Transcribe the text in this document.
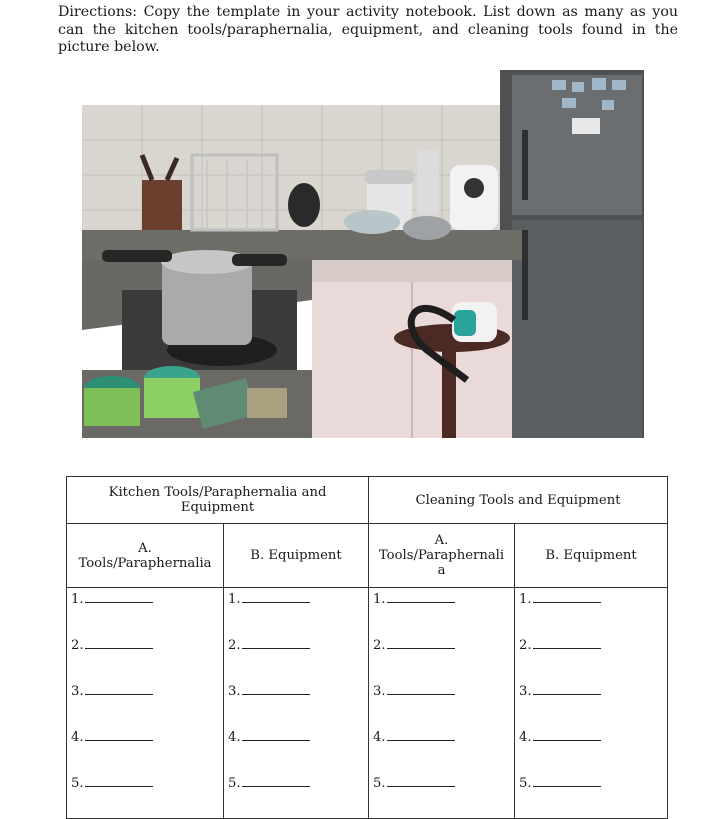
Directions: Copy the template in your activity notebook. List down as many as you can the kitchen tools/paraphernalia, equipment, and cleaning tools found in the picture below.

Kitchen Tools/Paraphernalia and Equipment		Cleaning Tools and Equipment	
A. Tools/Paraphernalia	B. Equipment	A. Tools/Paraphernali a	B. Equipment
1.	1.	1.	1.
2.	2.	2.	2.
3.	3.	3.	3.
4.	4.	4.	4.
5.	5.	5.	5.
